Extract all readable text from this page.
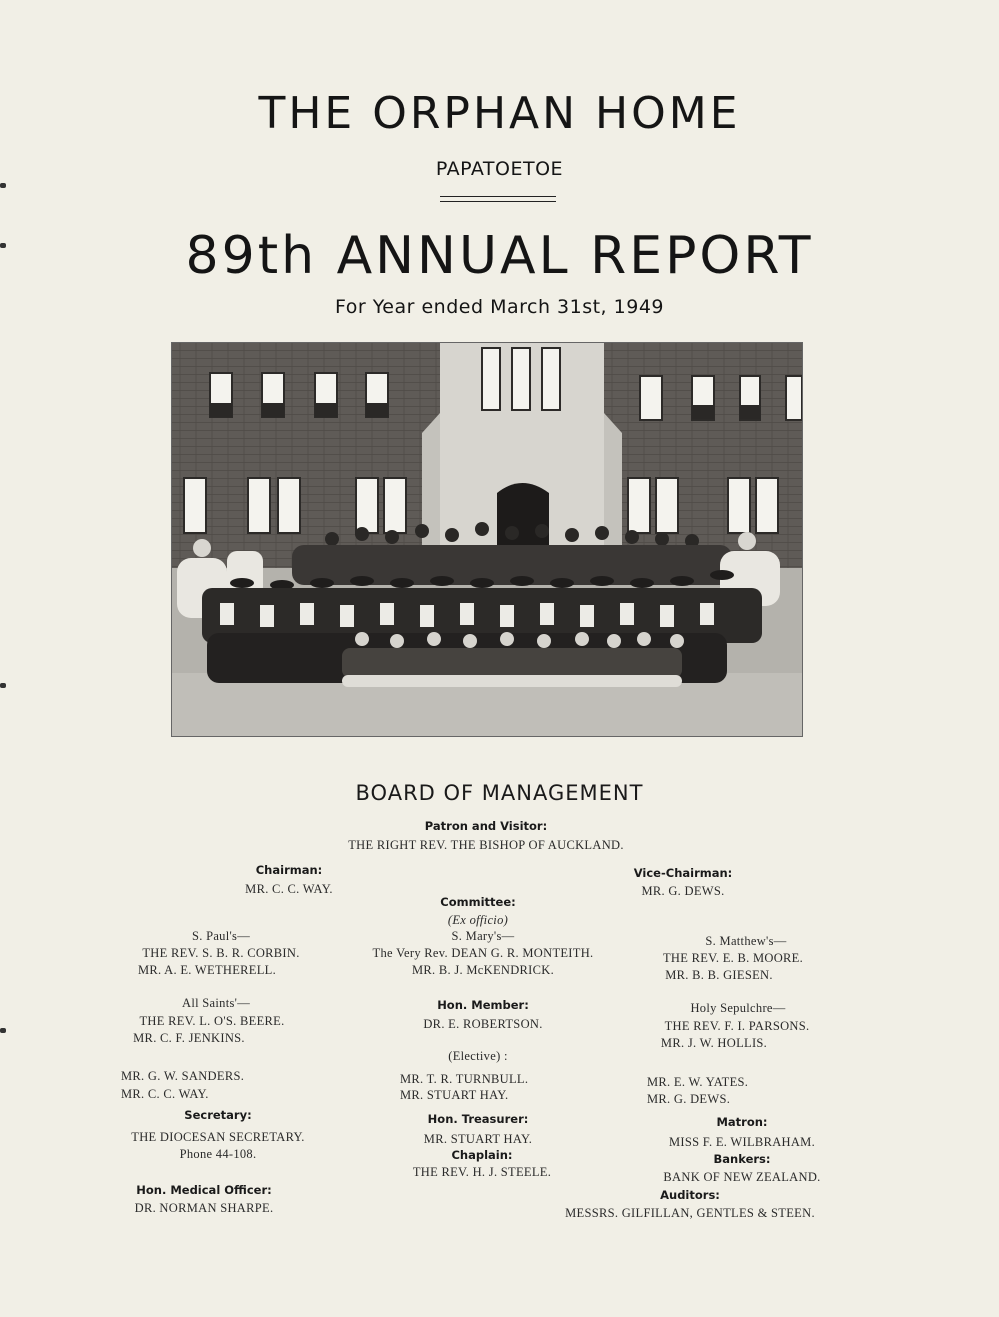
THE ORPHAN HOME
PAPATOETOE
89th ANNUAL REPORT
For Year ended March 31st, 1949
BOARD OF MANAGEMENT
Patron and Visitor:
THE RIGHT REV. THE BISHOP OF AUCKLAND.
Chairman:
MR. C. C. WAY.
Vice-Chairman:
MR. G. DEWS.
Committee:
(Ex officio)
S. Paul's—
THE REV. S. B. R. CORBIN.
MR. A. E. WETHERELL.
S. Mary's—
The Very Rev. DEAN G. R. MONTEITH.
MR. B. J. McKENDRICK.
S. Matthew's—
THE REV. E. B. MOORE.
MR. B. B. GIESEN.
All Saints'—
THE REV. L. O'S. BEERE.
MR. C. F. JENKINS.
Hon. Member:
DR. E. ROBERTSON.
Holy Sepulchre—
THE REV. F. I. PARSONS.
MR. J. W. HOLLIS.
(Elective) :
MR. G. W. SANDERS.
MR. C. C. WAY.
MR. T. R. TURNBULL.
MR. STUART HAY.
MR. E. W. YATES.
MR. G. DEWS.
Secretary:
THE DIOCESAN SECRETARY.
Phone 44-108.
Hon. Treasurer:
MR. STUART HAY.
Matron:
MISS F. E. WILBRAHAM.
Chaplain:
THE REV. H. J. STEELE.
Bankers:
BANK OF NEW ZEALAND.
Hon. Medical Officer:
DR. NORMAN SHARPE.
Auditors:
MESSRS. GILFILLAN, GENTLES & STEEN.
